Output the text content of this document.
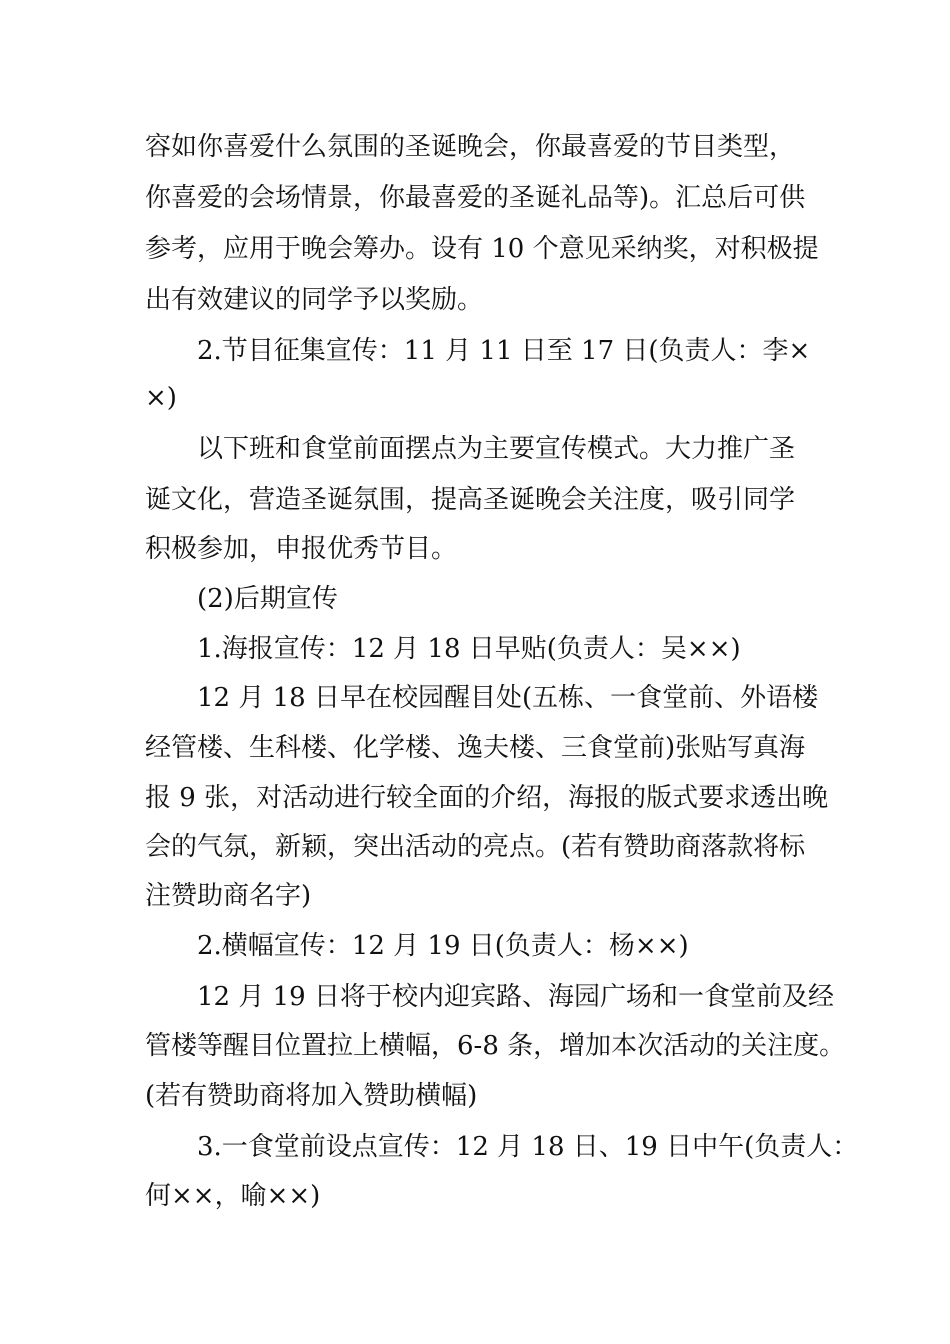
容如你喜爱什么氛围的圣诞晚会，你最喜爱的节目类型，
你喜爱的会场情景，你最喜爱的圣诞礼品等)。汇总后可供
参考，应用于晚会筹办。设有 10 个意见采纳奖，对积极提
出有效建议的同学予以奖励。
2.节目征集宣传：11 月 11 日至 17 日(负责人：李×
×)
以下班和食堂前面摆点为主要宣传模式。大力推广圣
诞文化，营造圣诞氛围，提高圣诞晚会关注度，吸引同学
积极参加，申报优秀节目。
(2)后期宣传
1.海报宣传：12 月 18 日早贴(负责人：吴××)
12 月 18 日早在校园醒目处(五栋、一食堂前、外语楼
经管楼、生科楼、化学楼、逸夫楼、三食堂前)张贴写真海
报 9 张，对活动进行较全面的介绍，海报的版式要求透出晚
会的气氛，新颖，突出活动的亮点。(若有赞助商落款将标
注赞助商名字)
2.横幅宣传：12 月 19 日(负责人：杨××)
12 月 19 日将于校内迎宾路、海园广场和一食堂前及经
管楼等醒目位置拉上横幅，6-8 条，增加本次活动的关注度。
(若有赞助商将加入赞助横幅)
3.一食堂前设点宣传：12 月 18 日、19 日中午(负责人：
何××，喻××)
